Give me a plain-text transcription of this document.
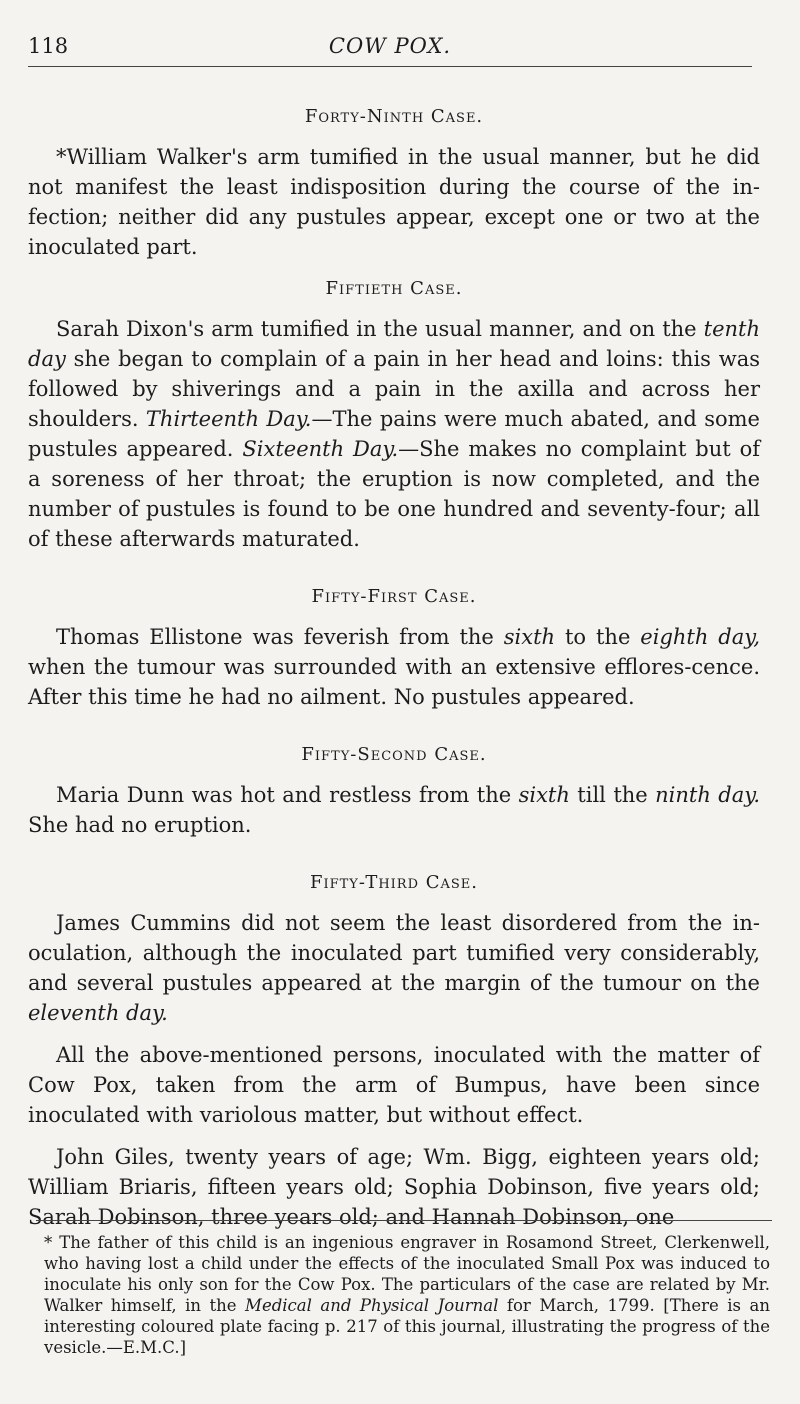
118	COW POX.
Forty-Ninth Case.

*William Walker's arm tumified in the usual manner, but he did not manifest the least indisposition during the course of the in-fection; neither did any pustules appear, except one or two at the inoculated part.

Fiftieth Case.

Sarah Dixon's arm tumified in the usual manner, and on the tenth day she began to complain of a pain in her head and loins: this was followed by shiverings and a pain in the axilla and across her shoulders. Thirteenth Day.—The pains were much abated, and some pustules appeared. Sixteenth Day.—She makes no complaint but of a soreness of her throat; the eruption is now completed, and the number of pustules is found to be one hundred and seventy-four; all of these afterwards maturated.

Fifty-First Case.

Thomas Ellistone was feverish from the sixth to the eighth day, when the tumour was surrounded with an extensive efflores-cence. After this time he had no ailment. No pustules appeared.

Fifty-Second Case.

Maria Dunn was hot and restless from the sixth till the ninth day. She had no eruption.

Fifty-Third Case.

James Cummins did not seem the least disordered from the in-oculation, although the inoculated part tumified very considerably, and several pustules appeared at the margin of the tumour on the eleventh day.

All the above-mentioned persons, inoculated with the matter of Cow Pox, taken from the arm of Bumpus, have been since inoculated with variolous matter, but without effect.

John Giles, twenty years of age; Wm. Bigg, eighteen years old; William Briaris, fifteen years old; Sophia Dobinson, five years old; Sarah Dobinson, three years old; and Hannah Dobinson, one

* The father of this child is an ingenious engraver in Rosamond Street, Clerkenwell, who having lost a child under the effects of the inoculated Small Pox was induced to inoculate his only son for the Cow Pox. The particulars of the case are related by Mr. Walker himself, in the Medical and Physical Journal for March, 1799. [There is an interesting coloured plate facing p. 217 of this journal, illustrating the progress of the vesicle.—E.M.C.]
